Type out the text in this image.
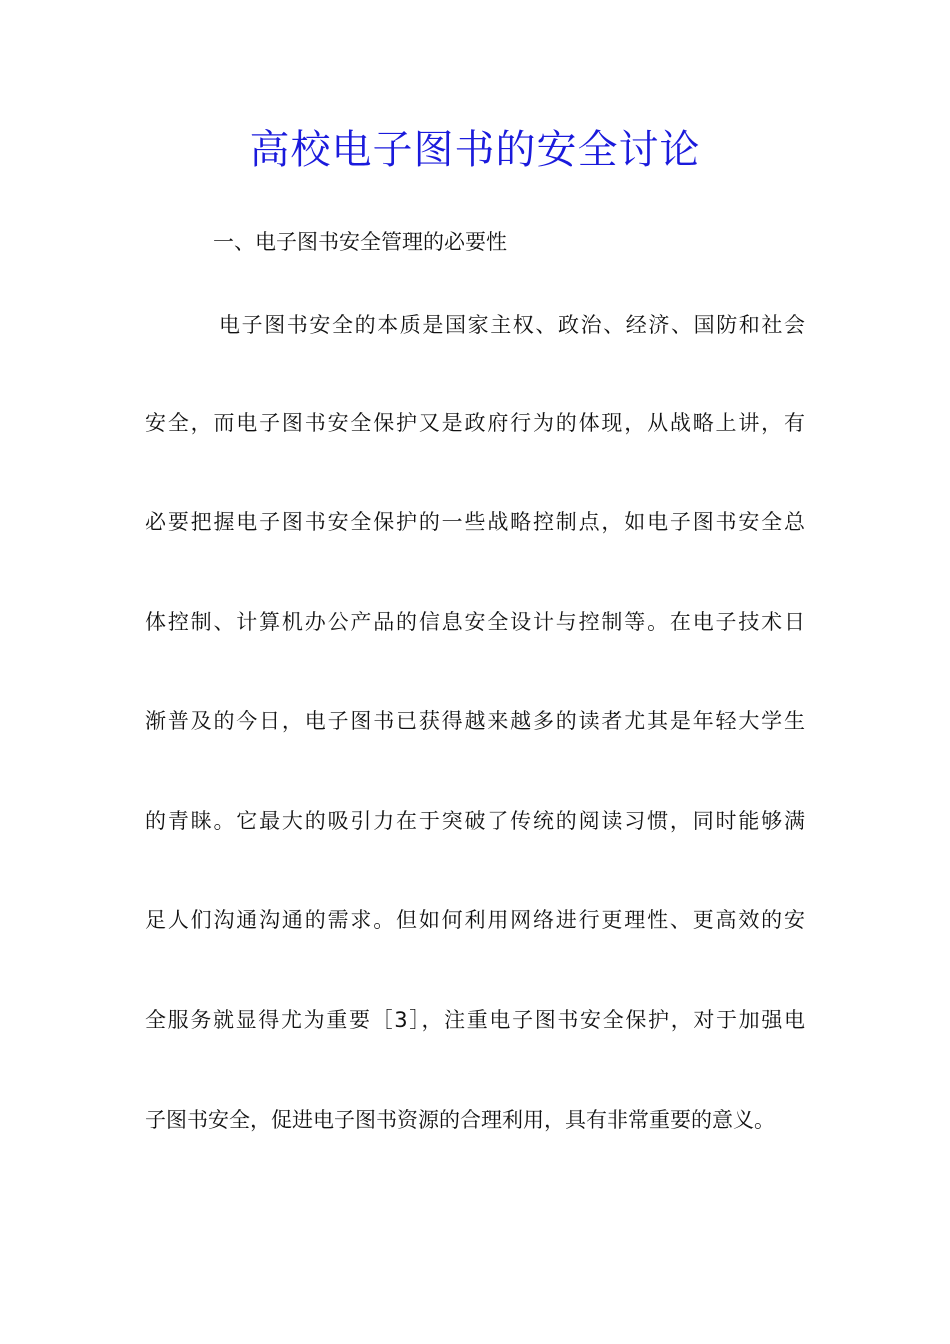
高校电子图书的安全讨论
一、电子图书安全管理的必要性

电子图书安全的本质是国家主权、政治、经济、国防和社会

安全，而电子图书安全保护又是政府行为的体现，从战略上讲，有

必要把握电子图书安全保护的一些战略控制点，如电子图书安全总

体控制、计算机办公产品的信息安全设计与控制等。在电子技术日

渐普及的今日，电子图书已获得越来越多的读者尤其是年轻大学生

的青睐。它最大的吸引力在于突破了传统的阅读习惯，同时能够满

足人们沟通沟通的需求。但如何利用网络进行更理性、更高效的安

全服务就显得尤为重要［3］，注重电子图书安全保护，对于加强电

子图书安全，促进电子图书资源的合理利用，具有非常重要的意义。
